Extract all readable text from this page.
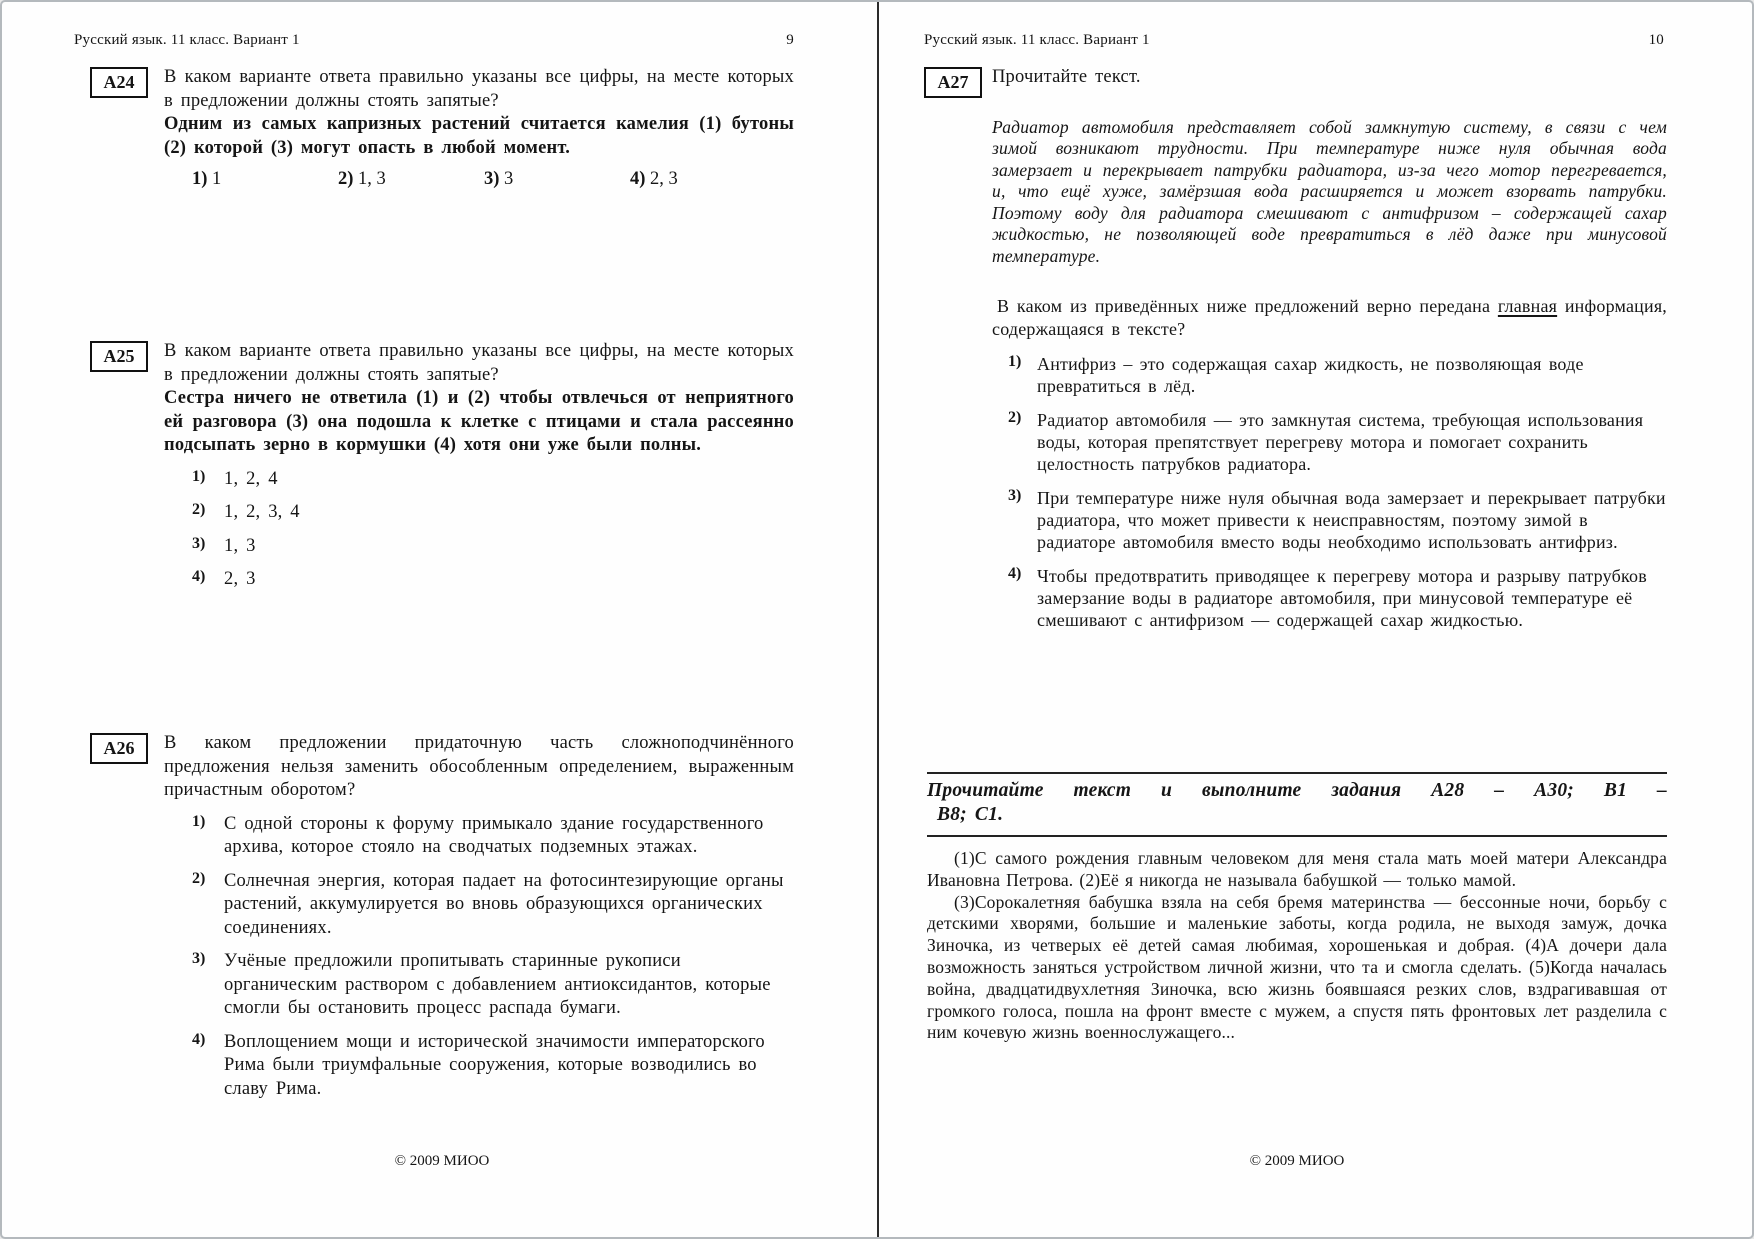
Русский язык. 11 класс. Вариант 1	9
А24 В каком варианте ответа правильно указаны все цифры, на месте которых в предложении должны стоять запятые?

Одним из самых капризных растений считается камелия (1) бутоны (2) которой (3) могут опасть в любой момент.

1) 1	2) 1, 3	3) 3	4) 2, 3
А25 В каком варианте ответа правильно указаны все цифры, на месте которых в предложении должны стоять запятые?

Сестра ничего не ответила (1) и (2) чтобы отвлечься от неприятного ей разговора (3) она подошла к клетке с птицами и стала рассеянно подсыпать зерно в кормушки (4) хотя они уже были полны.

1) 1, 2, 4
2) 1, 2, 3, 4
3) 1, 3
4) 2, 3
А26 В каком предложении придаточную часть сложноподчинённого предложения нельзя заменить обособленным определением, выраженным причастным оборотом?

1) С одной стороны к форуму примыкало здание государственного архива, которое стояло на сводчатых подземных этажах.
2) Солнечная энергия, которая падает на фотосинтезирующие органы растений, аккумулируется во вновь образующихся органических соединениях.
3) Учёные предложили пропитывать старинные рукописи органическим раствором с добавлением антиоксидантов, которые смогли бы остановить процесс распада бумаги.
4) Воплощением мощи и исторической значимости императорского Рима были триумфальные сооружения, которые возводились во славу Рима.
© 2009 МИОО
Русский язык. 11 класс. Вариант 1	10
А27 Прочитайте текст.

Радиатор автомобиля представляет собой замкнутую систему, в связи с чем зимой возникают трудности. При температуре ниже нуля обычная вода замерзает и перекрывает патрубки радиатора, из-за чего мотор перегревается, и, что ещё хуже, замёрзшая вода расширяется и может взорвать патрубки. Поэтому воду для радиатора смешивают с антифризом – содержащей сахар жидкостью, не позволяющей воде превратиться в лёд даже при минусовой температуре.

В каком из приведённых ниже предложений верно передана главная информация, содержащаяся в тексте?

1) Антифриз – это содержащая сахар жидкость, не позволяющая воде превратиться в лёд.
2) Радиатор автомобиля — это замкнутая система, требующая использования воды, которая препятствует перегреву мотора и помогает сохранить целостность патрубков радиатора.
3) При температуре ниже нуля обычная вода замерзает и перекрывает патрубки радиатора, что может привести к неисправностям, поэтому зимой в радиаторе автомобиля вместо воды необходимо использовать антифриз.
4) Чтобы предотвратить приводящее к перегреву мотора и разрыву патрубков замерзание воды в радиаторе автомобиля, при минусовой температуре её смешивают с антифризом — содержащей сахар жидкостью.
Прочитайте текст и выполните задания А28 – А30; В1 –
В8; С1.

(1)С самого рождения главным человеком для меня стала мать моей матери Александра Ивановна Петрова. (2)Её я никогда не называла бабушкой — только мамой.

(3)Сорокалетняя бабушка взяла на себя бремя материнства — бессонные ночи, борьбу с детскими хворями, большие и маленькие заботы, когда родила, не выходя замуж, дочка Зиночка, из четверых её детей самая любимая, хорошенькая и добрая. (4)А дочери дала возможность заняться устройством личной жизни, что та и смогла сделать. (5)Когда началась война, двадцатидвухлетняя Зиночка, всю жизнь боявшаяся резких слов, вздрагивавшая от громкого голоса, пошла на фронт вместе с мужем, а спустя пять фронтовых лет разделила с ним кочевую жизнь военнослужащего...

© 2009 МИОО
